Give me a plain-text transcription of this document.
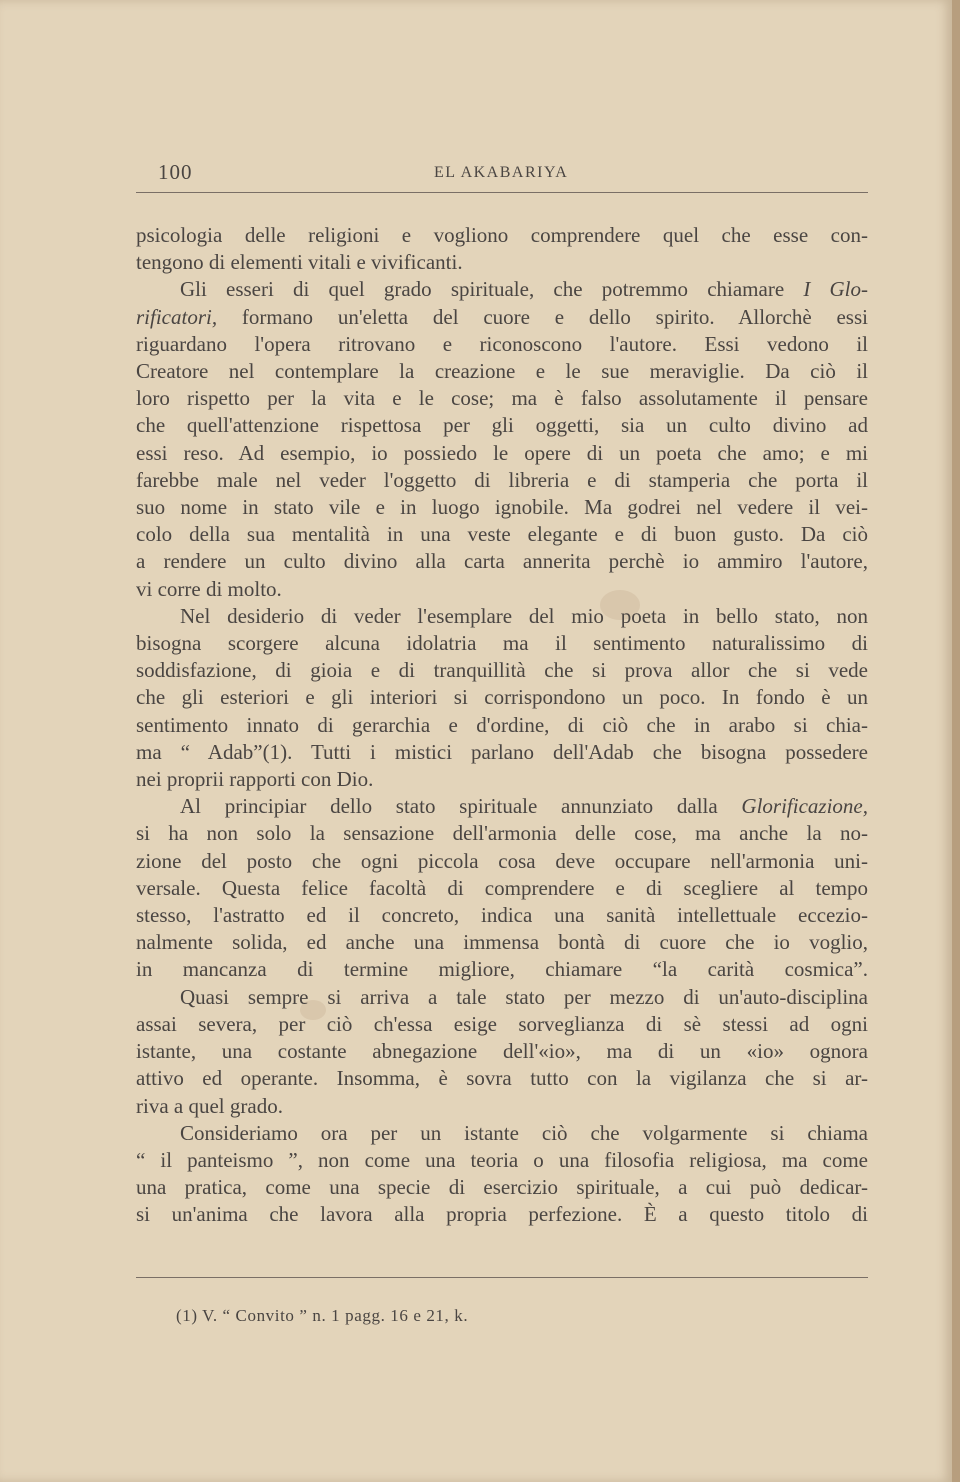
100	EL AKABARIYA

psicologia delle religioni e vogliono comprendere quel che esse con-
tengono di elementi vitali e vivificanti.

Gli esseri di quel grado spirituale, che potremmo chiamare I Glo-
rificatori, formano un'eletta del cuore e dello spirito. Allorchè essi
riguardano l'opera ritrovano e riconoscono l'autore. Essi vedono il
Creatore nel contemplare la creazione e le sue meraviglie. Da ciò il
loro rispetto per la vita e le cose; ma è falso assolutamente il pensare
che quell'attenzione rispettosa per gli oggetti, sia un culto divino ad
essi reso. Ad esempio, io possiedo le opere di un poeta che amo; e mi
farebbe male nel veder l'oggetto di libreria e di stamperia che porta il
suo nome in stato vile e in luogo ignobile. Ma godrei nel vedere il vei-
colo della sua mentalità in una veste elegante e di buon gusto. Da ciò
a rendere un culto divino alla carta annerita perchè io ammiro l'autore,
vi corre di molto.

Nel desiderio di veder l'esemplare del mio poeta in bello stato, non
bisogna scorgere alcuna idolatria ma il sentimento naturalissimo di
soddisfazione, di gioia e di tranquillità che si prova allor che si vede
che gli esteriori e gli interiori si corrispondono un poco. In fondo è un
sentimento innato di gerarchia e d'ordine, di ciò che in arabo si chia-
ma “ Adab”(1). Tutti i mistici parlano dell'Adab che bisogna possedere
nei proprii rapporti con Dio.

Al principiar dello stato spirituale annunziato dalla Glorificazione,
si ha non solo la sensazione dell'armonia delle cose, ma anche la no-
zione del posto che ogni piccola cosa deve occupare nell'armonia uni-
versale. Questa felice facoltà di comprendere e di scegliere al tempo
stesso, l'astratto ed il concreto, indica una sanità intellettuale eccezio-
nalmente solida, ed anche una immensa bontà di cuore che io voglio,
in mancanza di termine migliore, chiamare “la carità cosmica”.

Quasi sempre si arriva a tale stato per mezzo di un'auto-disciplina
assai severa, per ciò ch'essa esige sorveglianza di sè stessi ad ogni
istante, una costante abnegazione dell'«io», ma di un «io» ognora
attivo ed operante. Insomma, è sovra tutto con la vigilanza che si ar-
riva a quel grado.

Consideriamo ora per un istante ciò che volgarmente si chiama
“ il panteismo ”, non come una teoria o una filosofia religiosa, ma come
una pratica, come una specie di esercizio spirituale, a cui può dedicar-
si un'anima che lavora alla propria perfezione. È a questo titolo di

(1) V. “ Convito ” n. 1 pagg. 16 e 21, k.
